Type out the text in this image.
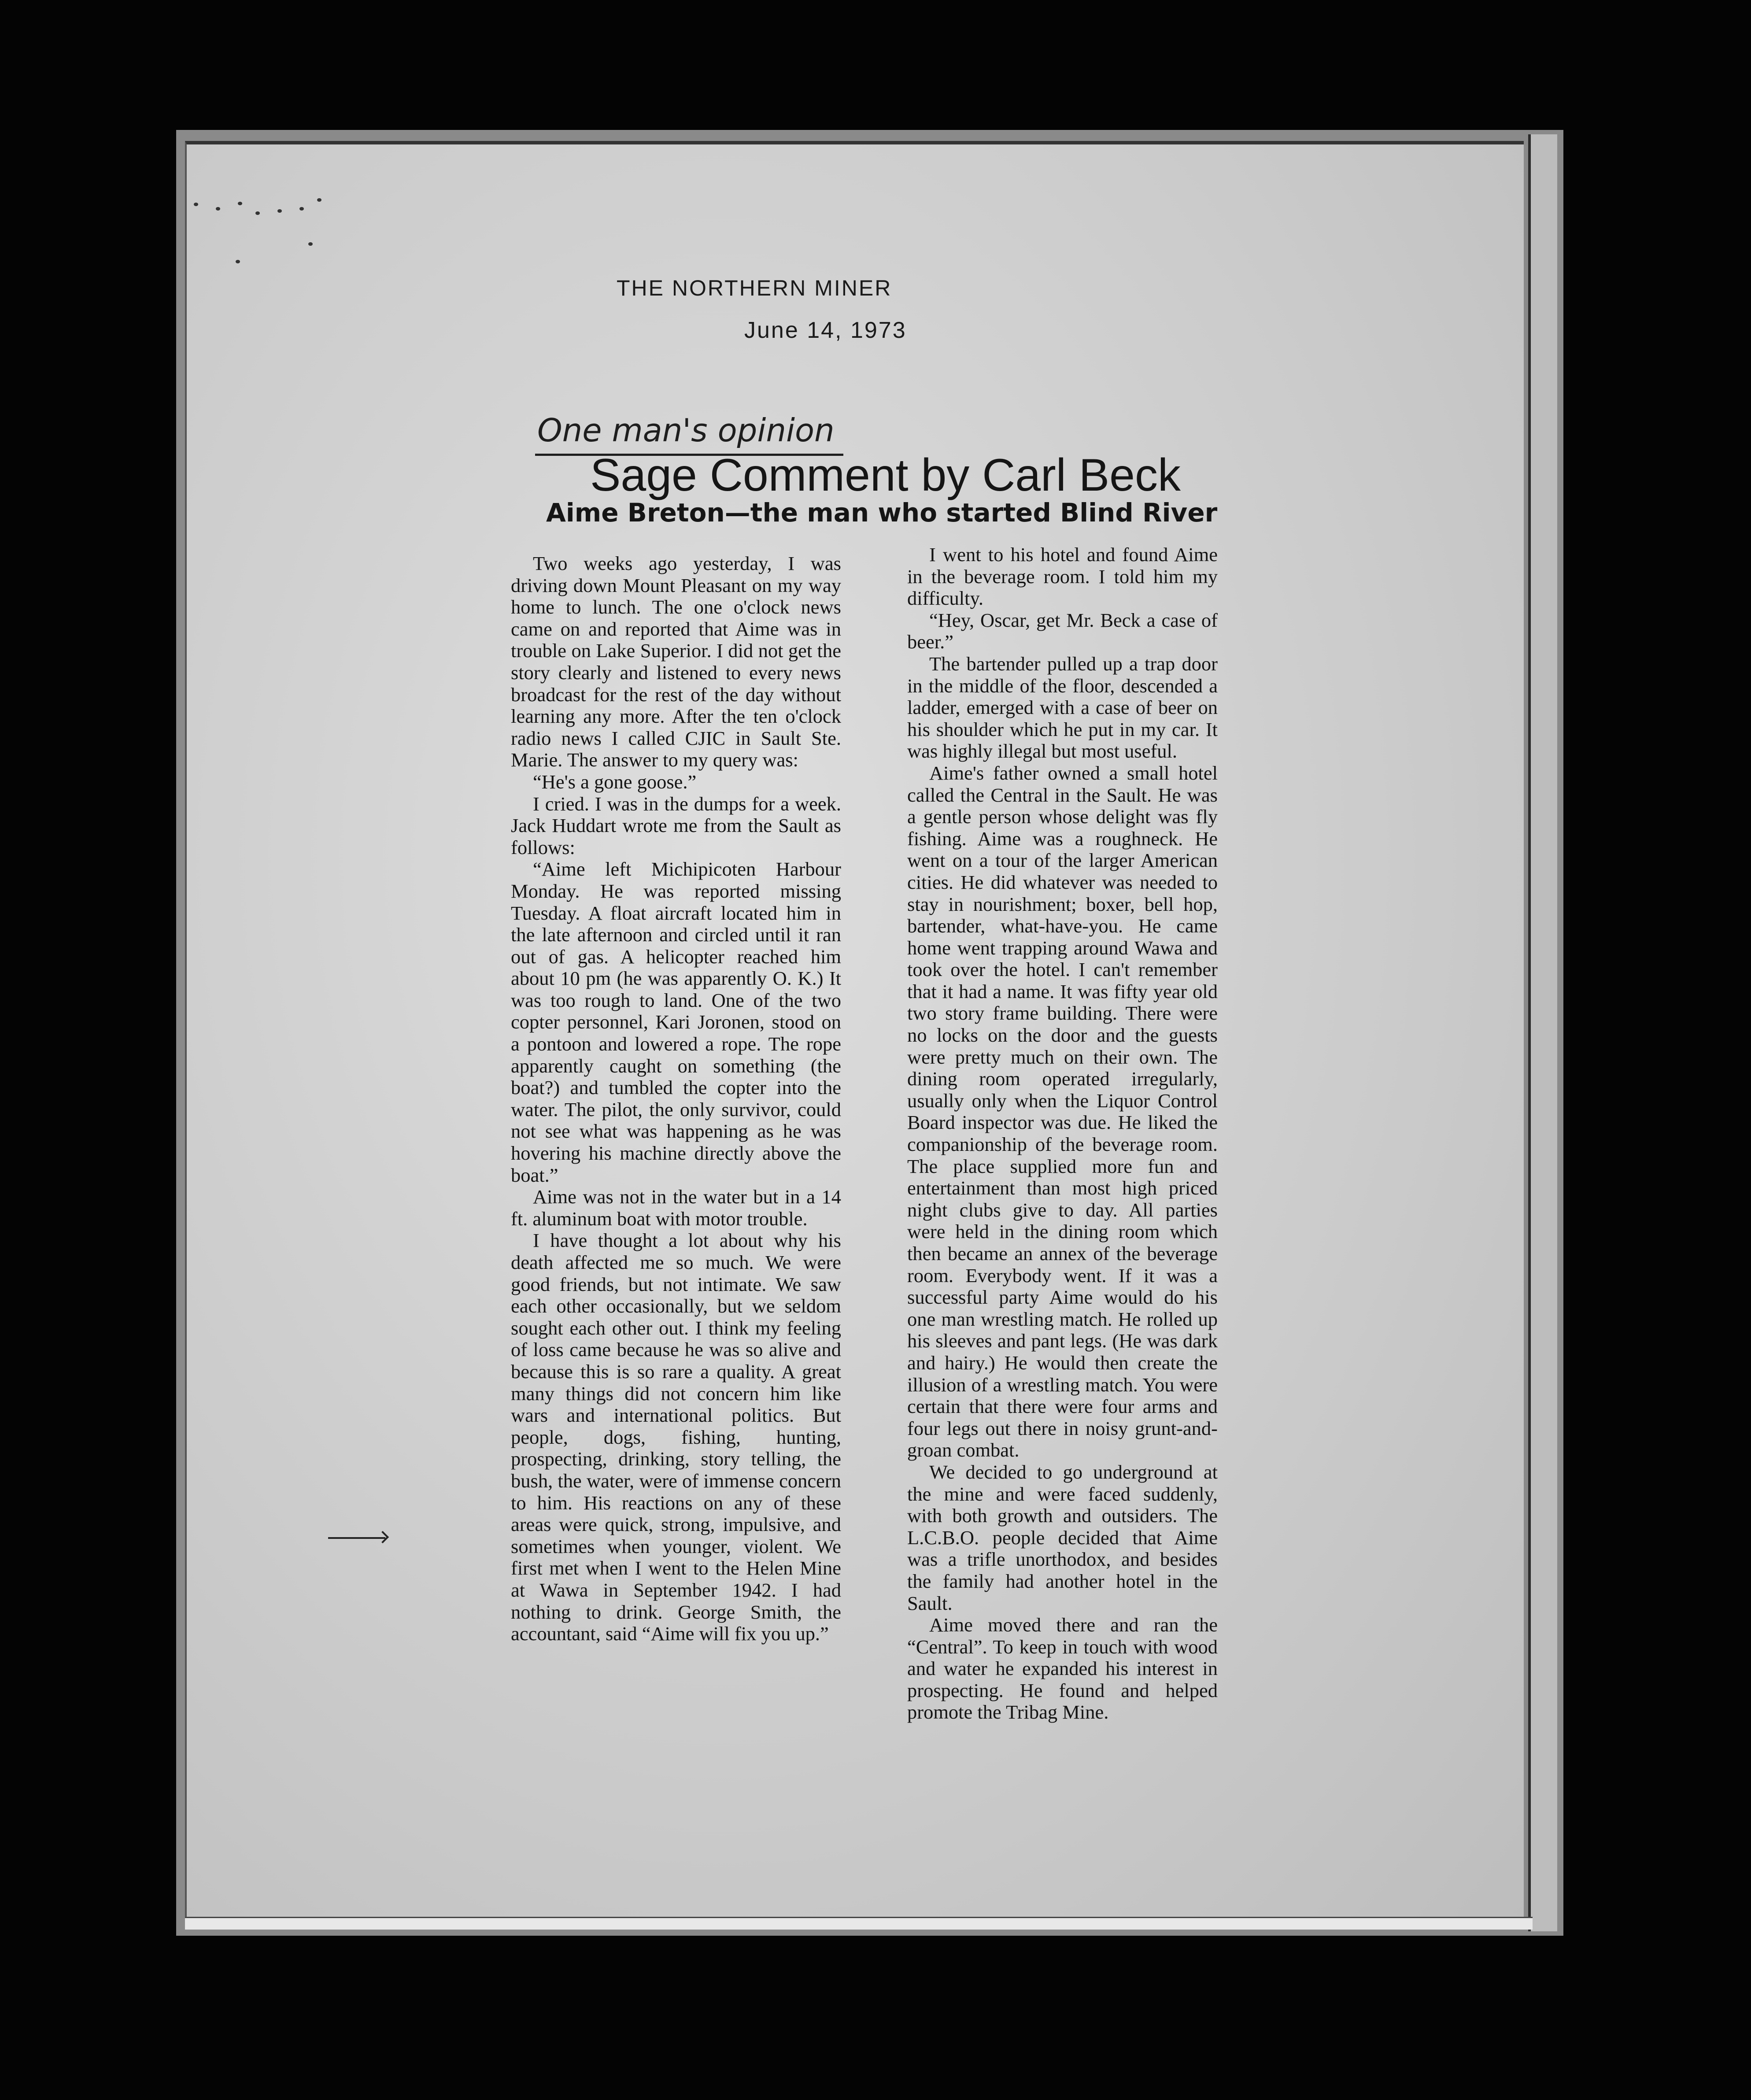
THE NORTHERN MINER
June 14, 1973
One man's opinion
Sage Comment by Carl Beck
Aime Breton—the man who started Blind River

Two weeks ago yesterday, I was driving down Mount Pleasant on my way home to lunch. The one o'clock news came on and reported that Aime was in trouble on Lake Superior. I did not get the story clearly and listened to every news broadcast for the rest of the day without learning any more. After the ten o'clock radio news I called CJIC in Sault Ste. Marie. The answer to my query was:

“He's a gone goose.”

I cried. I was in the dumps for a week. Jack Huddart wrote me from the Sault as follows:

“Aime left Michipicoten Harbour Monday. He was reported missing Tuesday. A float aircraft located him in the late afternoon and circled until it ran out of gas. A helicopter reached him about 10 pm (he was apparently O. K.) It was too rough to land. One of the two copter personnel, Kari Joronen, stood on a pontoon and lowered a rope. The rope apparently caught on something (the boat?) and tumbled the copter into the water. The pilot, the only survivor, could not see what was happening as he was hovering his machine directly above the boat.”

Aime was not in the water but in a 14 ft. aluminum boat with motor trouble.

I have thought a lot about why his death affected me so much. We were good friends, but not intimate. We saw each other occasionally, but we seldom sought each other out. I think my feeling of loss came because he was so alive and because this is so rare a quality. A great many things did not concern him like wars and international politics. But people, dogs, fishing, hunting, prospecting, drinking, story telling, the bush, the water, were of immense concern to him. His reactions on any of these areas were quick, strong, impulsive, and sometimes when younger, violent. We first met when I went to the Helen Mine at Wawa in September 1942. I had nothing to drink. George Smith, the accountant, said “Aime will fix you up.”

I went to his hotel and found Aime in the beverage room. I told him my difficulty.

“Hey, Oscar, get Mr. Beck a case of beer.”

The bartender pulled up a trap door in the middle of the floor, descended a ladder, emerged with a case of beer on his shoulder which he put in my car. It was highly illegal but most useful.

Aime's father owned a small hotel called the Central in the Sault. He was a gentle person whose delight was fly fishing. Aime was a roughneck. He went on a tour of the larger American cities. He did whatever was needed to stay in nourishment; boxer, bell hop, bartender, what-have-you. He came home went trapping around Wawa and took over the hotel. I can't remember that it had a name. It was fifty year old two story frame building. There were no locks on the door and the guests were pretty much on their own. The dining room operated irregularly, usually only when the Liquor Control Board inspector was due. He liked the companionship of the beverage room. The place supplied more fun and entertainment than most high priced night clubs give to day. All parties were held in the dining room which then became an annex of the beverage room. Everybody went. If it was a successful party Aime would do his one man wrestling match. He rolled up his sleeves and pant legs. (He was dark and hairy.) He would then create the illusion of a wrestling match. You were certain that there were four arms and four legs out there in noisy grunt-and-groan combat.

We decided to go underground at the mine and were faced suddenly, with both growth and outsiders. The L.C.B.O. people decided that Aime was a trifle unorthodox, and besides the family had another hotel in the Sault.

Aime moved there and ran the “Central”. To keep in touch with wood and water he expanded his interest in prospecting. He found and helped promote the Tribag Mine.
